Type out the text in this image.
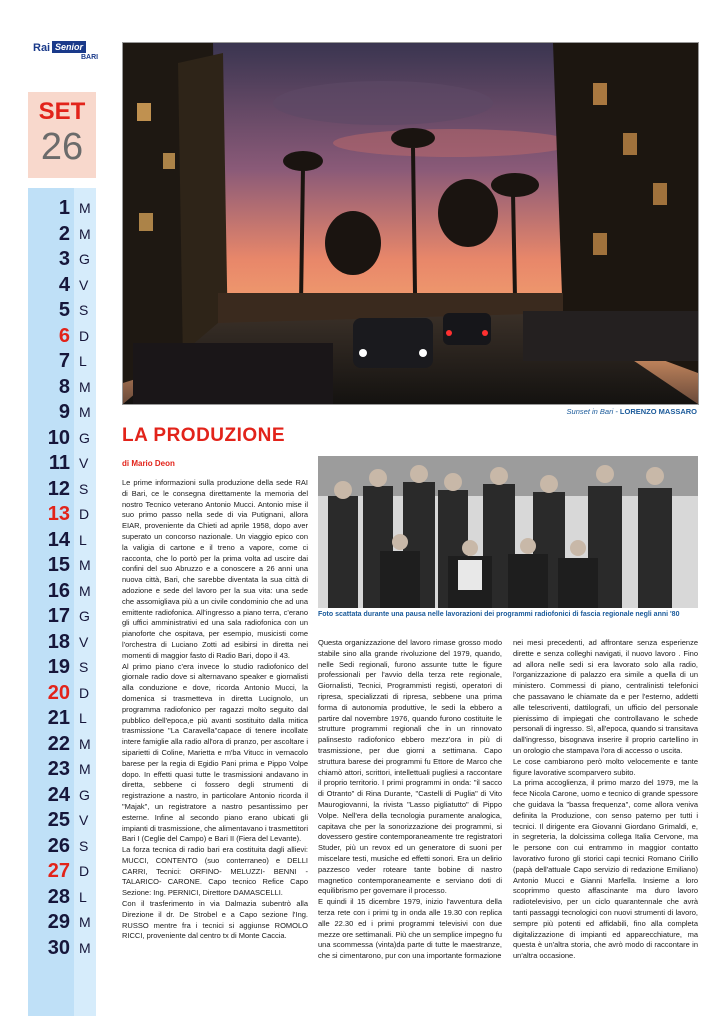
Rai Senior
BARI
SET
26
1 M
2 M
3 G
4 V
5 S
6 D
7 L
8 M
9 M
10 G
11 V
12 S
13 D
14 L
15 M
16 M
17 G
18 V
19 S
20 D
21 L
22 M
23 M
24 G
25 V
26 S
27 D
28 L
29 M
30 M
Sunset in Bari - LORENZO MASSARO
LA PRODUZIONE
di Mario Deon
Foto scattata durante una pausa nelle lavorazioni dei programmi radiofonici di fascia regionale negli anni '80

Le prime informazioni sulla produzione della sede RAI di Bari, ce le consegna direttamente la memoria del nostro Tecnico veterano Antonio Mucci. Antonio mise il suo primo passo nella sede di via Putignani, allora EIAR, proveniente da Chieti ad aprile 1958, dopo aver superato un concorso nazionale. Un viaggio epico con la valigia di cartone e il treno a vapore, come ci racconta, che lo portò per la prima volta ad uscire dai confini del suo Abruzzo e a conoscere a 26 anni una nuova città, Bari, che sarebbe diventata la sua città di adozione e sede del lavoro per la sua vita: una sede che assomigliava più a un civile condominio che ad una emittente radiofonica. All'ingresso a piano terra, c'erano gli uffici amministrativi ed una sala radiofonica con un pianoforte che ospitava, per esempio, musicisti come l'orchestra di Luciano Zotti ad esibirsi in diretta nei momenti di maggior fasto di Radio Bari, dopo il 43.

Al primo piano c'era invece lo studio radiofonico del giornale radio dove si alternavano speaker e giornalisti alla conduzione e dove, ricorda Antonio Mucci, la domenica si trasmetteva in diretta Lucignolo, un programma radiofonico per ragazzi molto seguito dal pubblico dell'epoca,e più avanti sostituito dalla mitica trasmissione "La Caravella"capace di tenere incollate intere famiglie alla radio all'ora di pranzo, per ascoltare i siparietti di Coline, Marietta e m'ba Vitucc in vernacolo barese per la regia di Egidio Pani prima e Pippo Volpe dopo. In effetti quasi tutte le trasmissioni andavano in diretta, sebbene ci fossero degli strumenti di registrazione a nastro, in particolare Antonio ricorda il "Majak", un registratore a nastro pesantissimo per esterne. Infine al secondo piano erano ubicati gli impianti di trasmissione, che alimentavano i trasmettitori Bari I (Ceglie del Campo) e Bari II (Fiera del Levante).

La forza tecnica di radio bari era costituita dagli allievi: MUCCI, CONTENTO (suo conterraneo) e DELLI CARRI, Tecnici: ORFINO- MELUZZI- BENNI -TALARICO- CARONE. Capo tecnico Refice Capo Sezione: Ing. PERNICI, Direttore DAMASCELLI.

Con il trasferimento in via Dalmazia subentrò alla Direzione il dr. De Strobel e a Capo sezione l'Ing. RUSSO mentre fra i tecnici si aggiunse ROMOLO RICCI, proveniente dal centro tx di Monte Caccia.

Questa organizzazione del lavoro rimase grosso modo stabile sino alla grande rivoluzione del 1979, quando, nelle Sedi regionali, furono assunte tutte le figure professionali per l'avvio della terza rete regionale, Giornalisti, Tecnici, Programmisti registi, operatori di ripresa, specializzati di ripresa, sebbene una prima forma di autonomia produttive, le sedi la ebbero a partire dal novembre 1976, quando furono costituite le strutture programmi regionali che in un rinnovato palinsesto radiofonico ebbero mezz'ora in più di trasmissione, per due giorni a settimana. Capo struttura barese dei programmi fu Ettore de Marco che chiamò attori, scrittori, intellettuali pugliesi a raccontare il proprio territorio. I primi programmi in onda: "il sacco di Otranto" di Rina Durante, "Castelli di Puglia" di Vito Maurogiovanni, la rivista "Lasso pigliatutto" di Pippo Volpe. Nell'era della tecnologia puramente analogica, capitava che per la sonorizzazione dei programmi, si dovessero gestire contemporaneamente tre registratori Studer, più un revox ed un generatore di suoni per miscelare testi, musiche ed effetti sonori. Era un delirio pazzesco veder roteare tante bobine di nastro magnetico contemporaneamente e serviano doti di equilibrismo per governare il processo.

E quindi il 15 dicembre 1979, inizio l'avventura della terza rete con i primi tg in onda alle 19.30 con replica alle 22.30 ed i primi programmi televisivi con due mezze ore settimanali. Più che un semplice impegno fu una scommessa (vinta)da parte di tutte le maestranze, che si cimentarono, pur con una importante formazione

nei mesi precedenti, ad affrontare senza esperienze dirette e senza colleghi navigati, il nuovo lavoro . Fino ad allora nelle sedi si era lavorato solo alla radio, l'organizzazione di palazzo era simile a quella di un ministero. Commessi di piano, centralinisti telefonici che passavano le chiamate da e per l'esterno, addetti alle telescriventi, dattilografi, un ufficio del personale pienissimo di impiegati che controllavano le schede personali di ingresso. Sì, all'epoca, quando si transitava dall'ingresso, bisognava inserire il proprio cartellino in un orologio che stampava l'ora di accesso o uscita.

Le cose cambiarono però molto velocemente e tante figure lavorative scomparvero subito.

La prima accoglienza, il primo marzo del 1979, me la fece Nicola Carone, uomo e tecnico di grande spessore che guidava la "bassa frequenza", come allora veniva definita la Produzione, con senso paterno per tutti i tecnici. Il dirigente era Giovanni Giordano Grimaldi, e, in segreteria, la dolcissima collega Italia Cervone, ma le persone con cui entrammo in maggior contatto lavorativo furono gli storici capi tecnici Romano Cirillo (papà dell'attuale Capo servizio di redazione Emiliano) Antonio Mucci e Gianni Marfella. Insieme a loro scoprimmo questo affascinante ma duro lavoro radiotelevisivo, per un ciclo quarantennale che avrà tanti passaggi tecnologici con nuovi strumenti di lavoro, sempre più potenti ed affidabili, fino alla completa digitalizzazione di impianti ed apparecchiature, ma questa è un'altra storia, che avrò modo di raccontare in un'altra occasione.
